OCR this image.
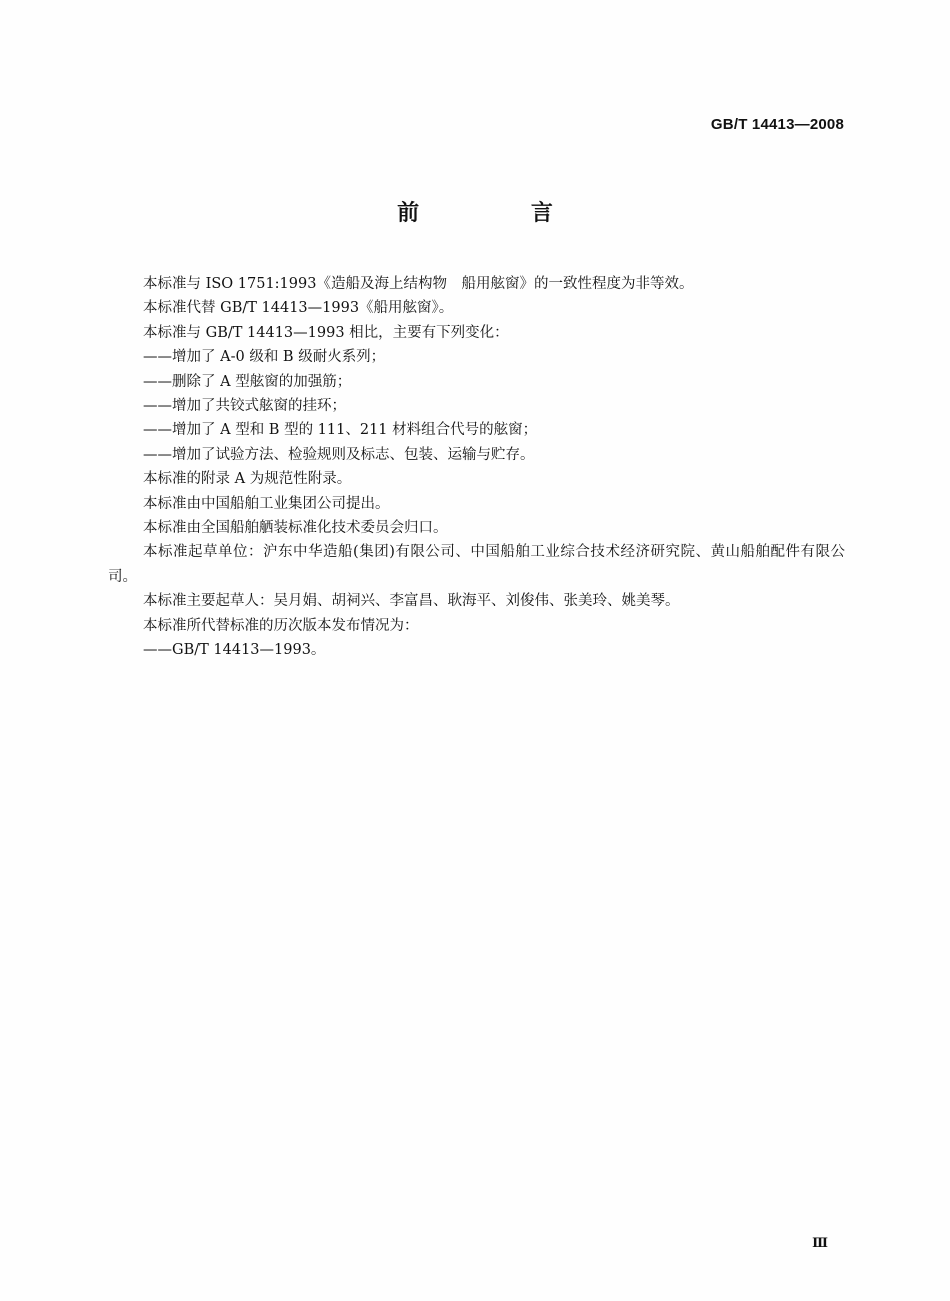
GB/T 14413—2008
前 言

本标准与 ISO 1751:1993《造船及海上结构物　船用舷窗》的一致性程度为非等效。

本标准代替 GB/T 14413—1993《船用舷窗》。

本标准与 GB/T 14413—1993 相比，主要有下列变化：

——增加了 A-0 级和 B 级耐火系列；

——删除了 A 型舷窗的加强筋；

——增加了共铰式舷窗的挂环；

——增加了 A 型和 B 型的 111、211 材料组合代号的舷窗；

——增加了试验方法、检验规则及标志、包装、运输与贮存。

本标准的附录 A 为规范性附录。

本标准由中国船舶工业集团公司提出。

本标准由全国船舶舾装标准化技术委员会归口。

本标准起草单位：沪东中华造船(集团)有限公司、中国船舶工业综合技术经济研究院、黄山船舶配件有限公司。

本标准主要起草人：吴月娟、胡祠兴、李富昌、耿海平、刘俊伟、张美玲、姚美琴。

本标准所代替标准的历次版本发布情况为：

——GB/T 14413—1993。

Ⅲ
